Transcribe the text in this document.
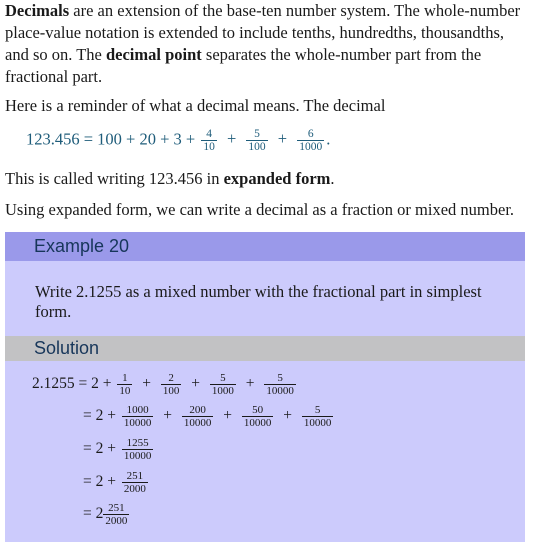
Decimals are an extension of the base-ten number system. The whole-number place-value notation is extended to include tenths, hundredths, thousandths, and so on. The decimal point separates the whole-number part from the fractional part.

Here is a reminder of what a decimal means. The decimal

$123.456 = 100 + 20 + 3 + \frac{4}{10} + \frac{5}{100} + \frac{6}{1000}$ .

This is called writing 123.456 in expanded form.

Using expanded form, we can write a decimal as a fraction or mixed number.

Example 20
Write 2.1255 as a mixed number with the fractional part in simplest form.
Solution
$2.1255 = 2 + \frac{1}{10} + \frac{2}{100} + \frac{5}{1000} + \frac{5}{10000}$
= $2 + \frac{1000}{10000} + \frac{200}{10000} + \frac{50}{10000} + \frac{5}{10000}$
= $2 + \frac{1255}{10000}$
= $2 + \frac{251}{2000}$
= $2 \frac{251}{2000}$
